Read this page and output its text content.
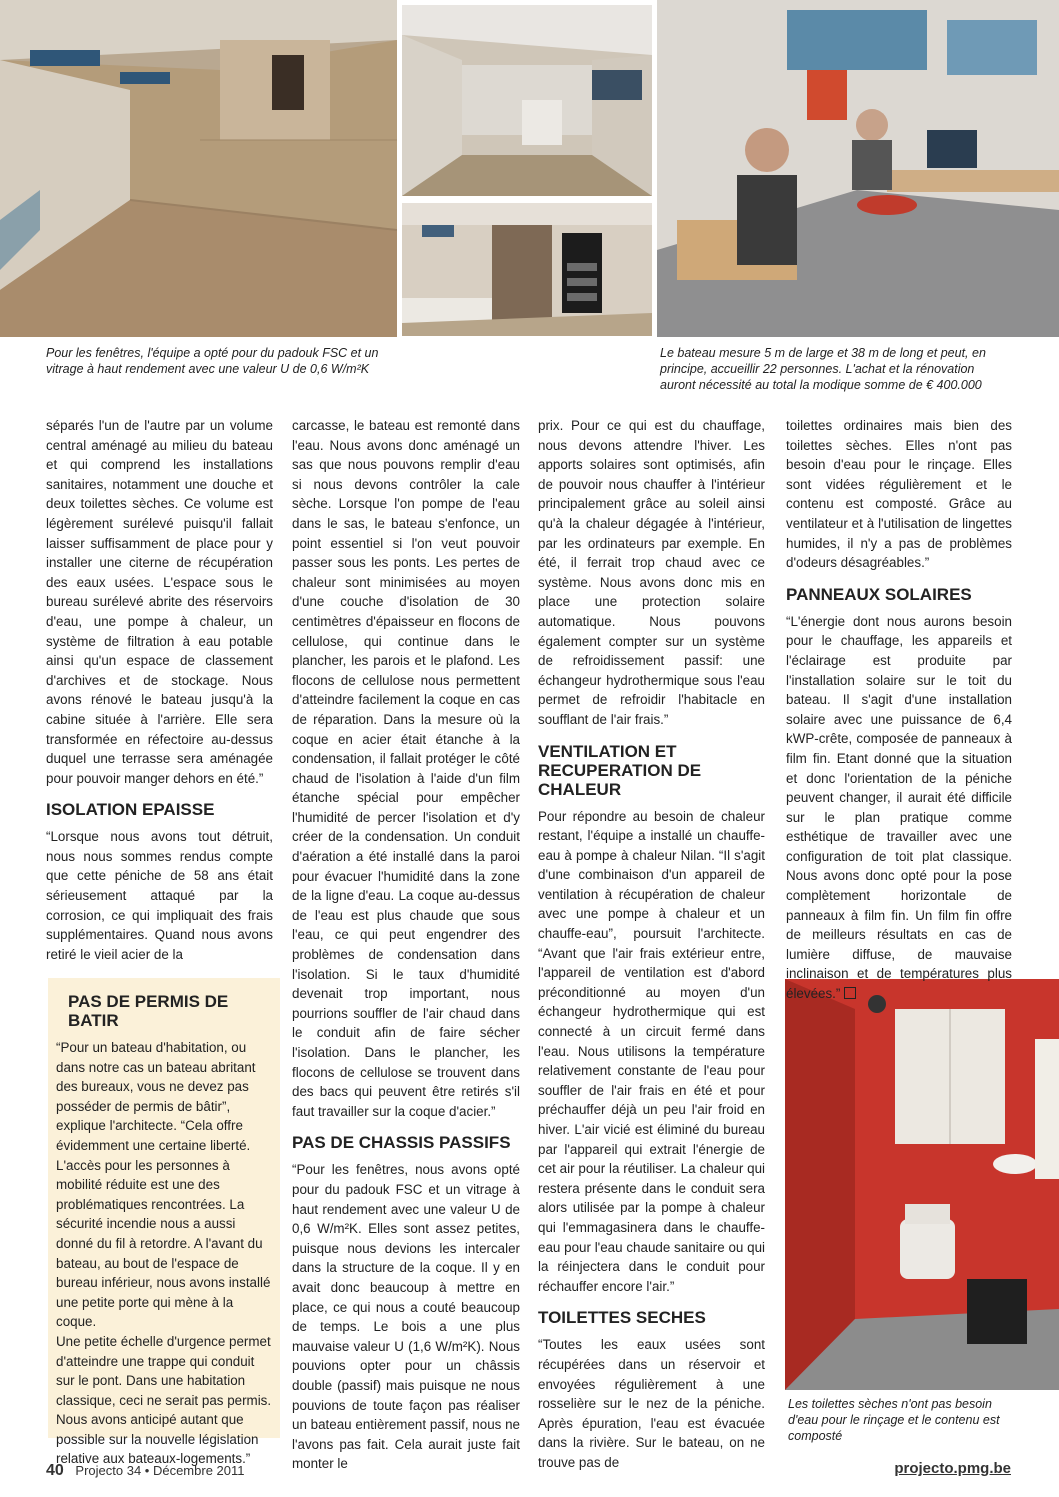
Pour les fenêtres, l'équipe a opté pour du padouk FSC et un vitrage à haut rendement avec une valeur U de 0,6 W/m²K
Le bateau mesure 5 m de large et 38 m de long et peut, en principe, accueillir 22 personnes. L'achat et la rénovation auront nécessité au total la modique somme de € 400.000
Les toilettes sèches n'ont pas besoin d'eau pour le rinçage et le contenu est composté

séparés l'un de l'autre par un volume central aménagé au milieu du bateau et qui comprend les installations sanitaires, notamment une douche et deux toilettes sèches. Ce volume est légèrement surélevé puisqu'il fallait laisser suffisamment de place pour y installer une citerne de récupération des eaux usées. L'espace sous le bureau surélevé abrite des réservoirs d'eau, une pompe à chaleur, un système de filtration à eau potable ainsi qu'un espace de classement d'archives et de stockage. Nous avons rénové le bateau jusqu'à la cabine située à l'arrière. Elle sera transformée en réfectoire au-dessus duquel une terrasse sera aménagée pour pouvoir manger dehors en été.”

ISOLATION EPAISSE

“Lorsque nous avons tout détruit, nous nous sommes rendus compte que cette péniche de 58 ans était sérieusement attaqué par la corrosion, ce qui impliquait des frais supplémentaires. Quand nous avons retiré le vieil acier de la

PAS DE PERMIS DE BATIR
“Pour un bateau d'habitation, ou dans notre cas un bateau abritant des bureaux, vous ne devez pas posséder de permis de bâtir”, explique l'architecte. “Cela offre évidemment une certaine liberté. L'accès pour les personnes à mobilité réduite est une des problématiques rencontrées. La sécurité incendie nous a aussi donné du fil à retordre. A l'avant du bateau, au bout de l'espace de bureau inférieur, nous avons installé une petite porte qui mène à la coque.
Une petite échelle d'urgence permet d'atteindre une trappe qui conduit sur le pont. Dans une habitation classique, ceci ne serait pas permis.
Nous avons anticipé autant que possible sur la nouvelle législation relative aux bateaux-logements.”

carcasse, le bateau est remonté dans l'eau. Nous avons donc aménagé un sas que nous pouvons remplir d'eau si nous devons contrôler la cale sèche. Lorsque l'on pompe de l'eau dans le sas, le bateau s'enfonce, un point essentiel si l'on veut pouvoir passer sous les ponts. Les pertes de chaleur sont minimisées au moyen d'une couche d'isolation de 30 centimètres d'épaisseur en flocons de cellulose, qui continue dans le plancher, les parois et le plafond. Les flocons de cellulose nous permettent d'atteindre facilement la coque en cas de réparation. Dans la mesure où la coque en acier était étanche à la condensation, il fallait protéger le côté chaud de l'isolation à l'aide d'un film étanche spécial pour empêcher l'humidité de percer l'isolation et d'y créer de la condensation. Un conduit d'aération a été installé dans la paroi pour évacuer l'humidité dans la zone de la ligne d'eau. La coque au-dessus de l'eau est plus chaude que sous l'eau, ce qui peut engendrer des problèmes de condensation dans l'isolation. Si le taux d'humidité devenait trop important, nous pourrions souffler de l'air chaud dans le conduit afin de faire sécher l'isolation. Dans le plancher, les flocons de cellulose se trouvent dans des bacs qui peuvent être retirés s'il faut travailler sur la coque d'acier.”

PAS DE CHASSIS PASSIFS

“Pour les fenêtres, nous avons opté pour du padouk FSC et un vitrage à haut rendement avec une valeur U de 0,6 W/m²K. Elles sont assez petites, puisque nous devions les intercaler dans la structure de la coque. Il y en avait donc beaucoup à mettre en place, ce qui nous a couté beaucoup de temps. Le bois a une plus mauvaise valeur U (1,6 W/m²K). Nous pouvions opter pour un châssis double (passif) mais puisque ne nous pouvions de toute façon pas réaliser un bateau entièrement passif, nous ne l'avons pas fait. Cela aurait juste fait monter le

prix. Pour ce qui est du chauffage, nous devons attendre l'hiver. Les apports solaires sont optimisés, afin de pouvoir nous chauffer à l'intérieur principalement grâce au soleil ainsi qu'à la chaleur dégagée à l'intérieur, par les ordinateurs par exemple. En été, il ferrait trop chaud avec ce système. Nous avons donc mis en place une protection solaire automatique. Nous pouvons également compter sur un système de refroidissement passif: une échangeur hydrothermique sous l'eau permet de refroidir l'habitacle en soufflant de l'air frais.”

VENTILATION ET RECUPERATION DE CHALEUR

Pour répondre au besoin de chaleur restant, l'équipe a installé un chauffe-eau à pompe à chaleur Nilan. “Il s'agit d'une combinaison d'un appareil de ventilation à récupération de chaleur avec une pompe à chaleur et un chauffe-eau”, poursuit l'architecte. “Avant que l'air frais extérieur entre, l'appareil de ventilation est d'abord préconditionné au moyen d'un échangeur hydrothermique qui est connecté à un circuit fermé dans l'eau. Nous utilisons la température relativement constante de l'eau pour souffler de l'air frais en été et pour préchauffer déjà un peu l'air froid en hiver. L'air vicié est éliminé du bureau par l'appareil qui extrait l'énergie de cet air pour la réutiliser. La chaleur qui restera présente dans le conduit sera alors utilisée par la pompe à chaleur qui l'emmagasinera dans le chauffe-eau pour l'eau chaude sanitaire ou qui la réinjectera dans le conduit pour réchauffer encore l'air.”

TOILETTES SECHES

“Toutes les eaux usées sont récupérées dans un réservoir et envoyées régulièrement à une rosselière sur le nez de la péniche. Après épuration, l'eau est évacuée dans la rivière. Sur le bateau, on ne trouve pas de

toilettes ordinaires mais bien des toilettes sèches. Elles n'ont pas besoin d'eau pour le rinçage. Elles sont vidées régulièrement et le contenu est composté. Grâce au ventilateur et à l'utilisation de lingettes humides, il n'y a pas de problèmes d'odeurs désagréables.”

PANNEAUX SOLAIRES

“L'énergie dont nous aurons besoin pour le chauffage, les appareils et l'éclairage est produite par l'installation solaire sur le toit du bateau. Il s'agit d'une installation solaire avec une puissance de 6,4 kWP-crête, composée de panneaux à film fin. Etant donné que la situation et donc l'orientation de la péniche peuvent changer, il aurait été difficile sur le plan pratique comme esthétique de travailler avec une configuration de toit plat classique. Nous avons donc opté pour la pose complètement horizontale de panneaux à film fin. Un film fin offre de meilleurs résultats en cas de lumière diffuse, de mauvaise inclinaison et de températures plus élevées.”

40 Projecto 34 • Décembre 2011	projecto.pmg.be
